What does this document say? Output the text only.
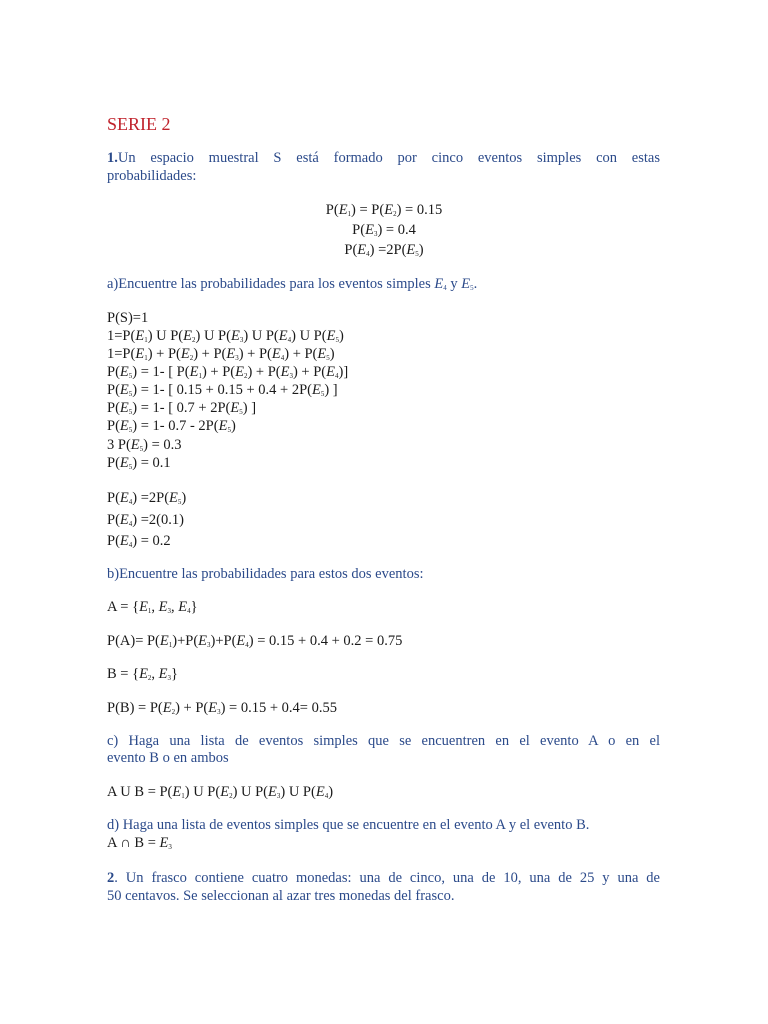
SERIE 2
1.Un espacio muestral S está formado por cinco eventos simples con estas
probabilidades:
$P(E_1) = P(E_2) = 0.15$
$P(E_3) = 0.4$
$P(E_4) =2P(E_5)$
a)Encuentre las probabilidades para los eventos simples $E_4$ y $E_5$.
P(S)=1
$1=P(E_1)$ U $P(E_2)$ U $P(E_3)$ U $P(E_4)$ U $P(E_5)$
$1=P(E_1) + P(E_2) + P(E_3) + P(E_4) + P(E_5)$
$P(E_5) = 1-$ [ $P(E_1) + P(E_2) + P(E_3) + P(E_4)$]
$P(E_5) = 1-$ [ $0.15 + 0.15 + 0.4 + 2P(E_5)$ ]
$P(E_5) = 1-$ [ $0.7 + 2P(E_5)$ ]
$P(E_5) = 1-$ $0.7 - 2P(E_5)$
3 $P(E_5) = 0.3$
$P(E_5) = 0.1$
$P(E_4) =2P(E_5)$
$P(E_4) =2(0.1)$
$P(E_4) = 0.2$
b)Encuentre las probabilidades para estos dos eventos:
$A = \{E_1$, $E_3$, $E_4$}
$P(A)= P(E_1)+P(E_3)+P(E_4) = 0.15 + 0.4 + 0.2 = 0.75$
$B = \{E_2$, $E_3$}
$P(B) = P(E_2) + P(E_3) = 0.15 + 0.4= 0.55$
c) Haga una lista de eventos simples que se encuentren en el evento A o en el
evento B o en ambos
A U $B = P(E_1)$ U $P(E_2)$ U $P(E_3)$ U $P(E_4)$
d) Haga una lista de eventos simples que se encuentre en el evento A y el evento B.
A ∩ $B = E_3$
2. Un frasco contiene cuatro monedas: una de cinco, una de 10, una de 25 y una de
50 centavos. Se seleccionan al azar tres monedas del frasco.
